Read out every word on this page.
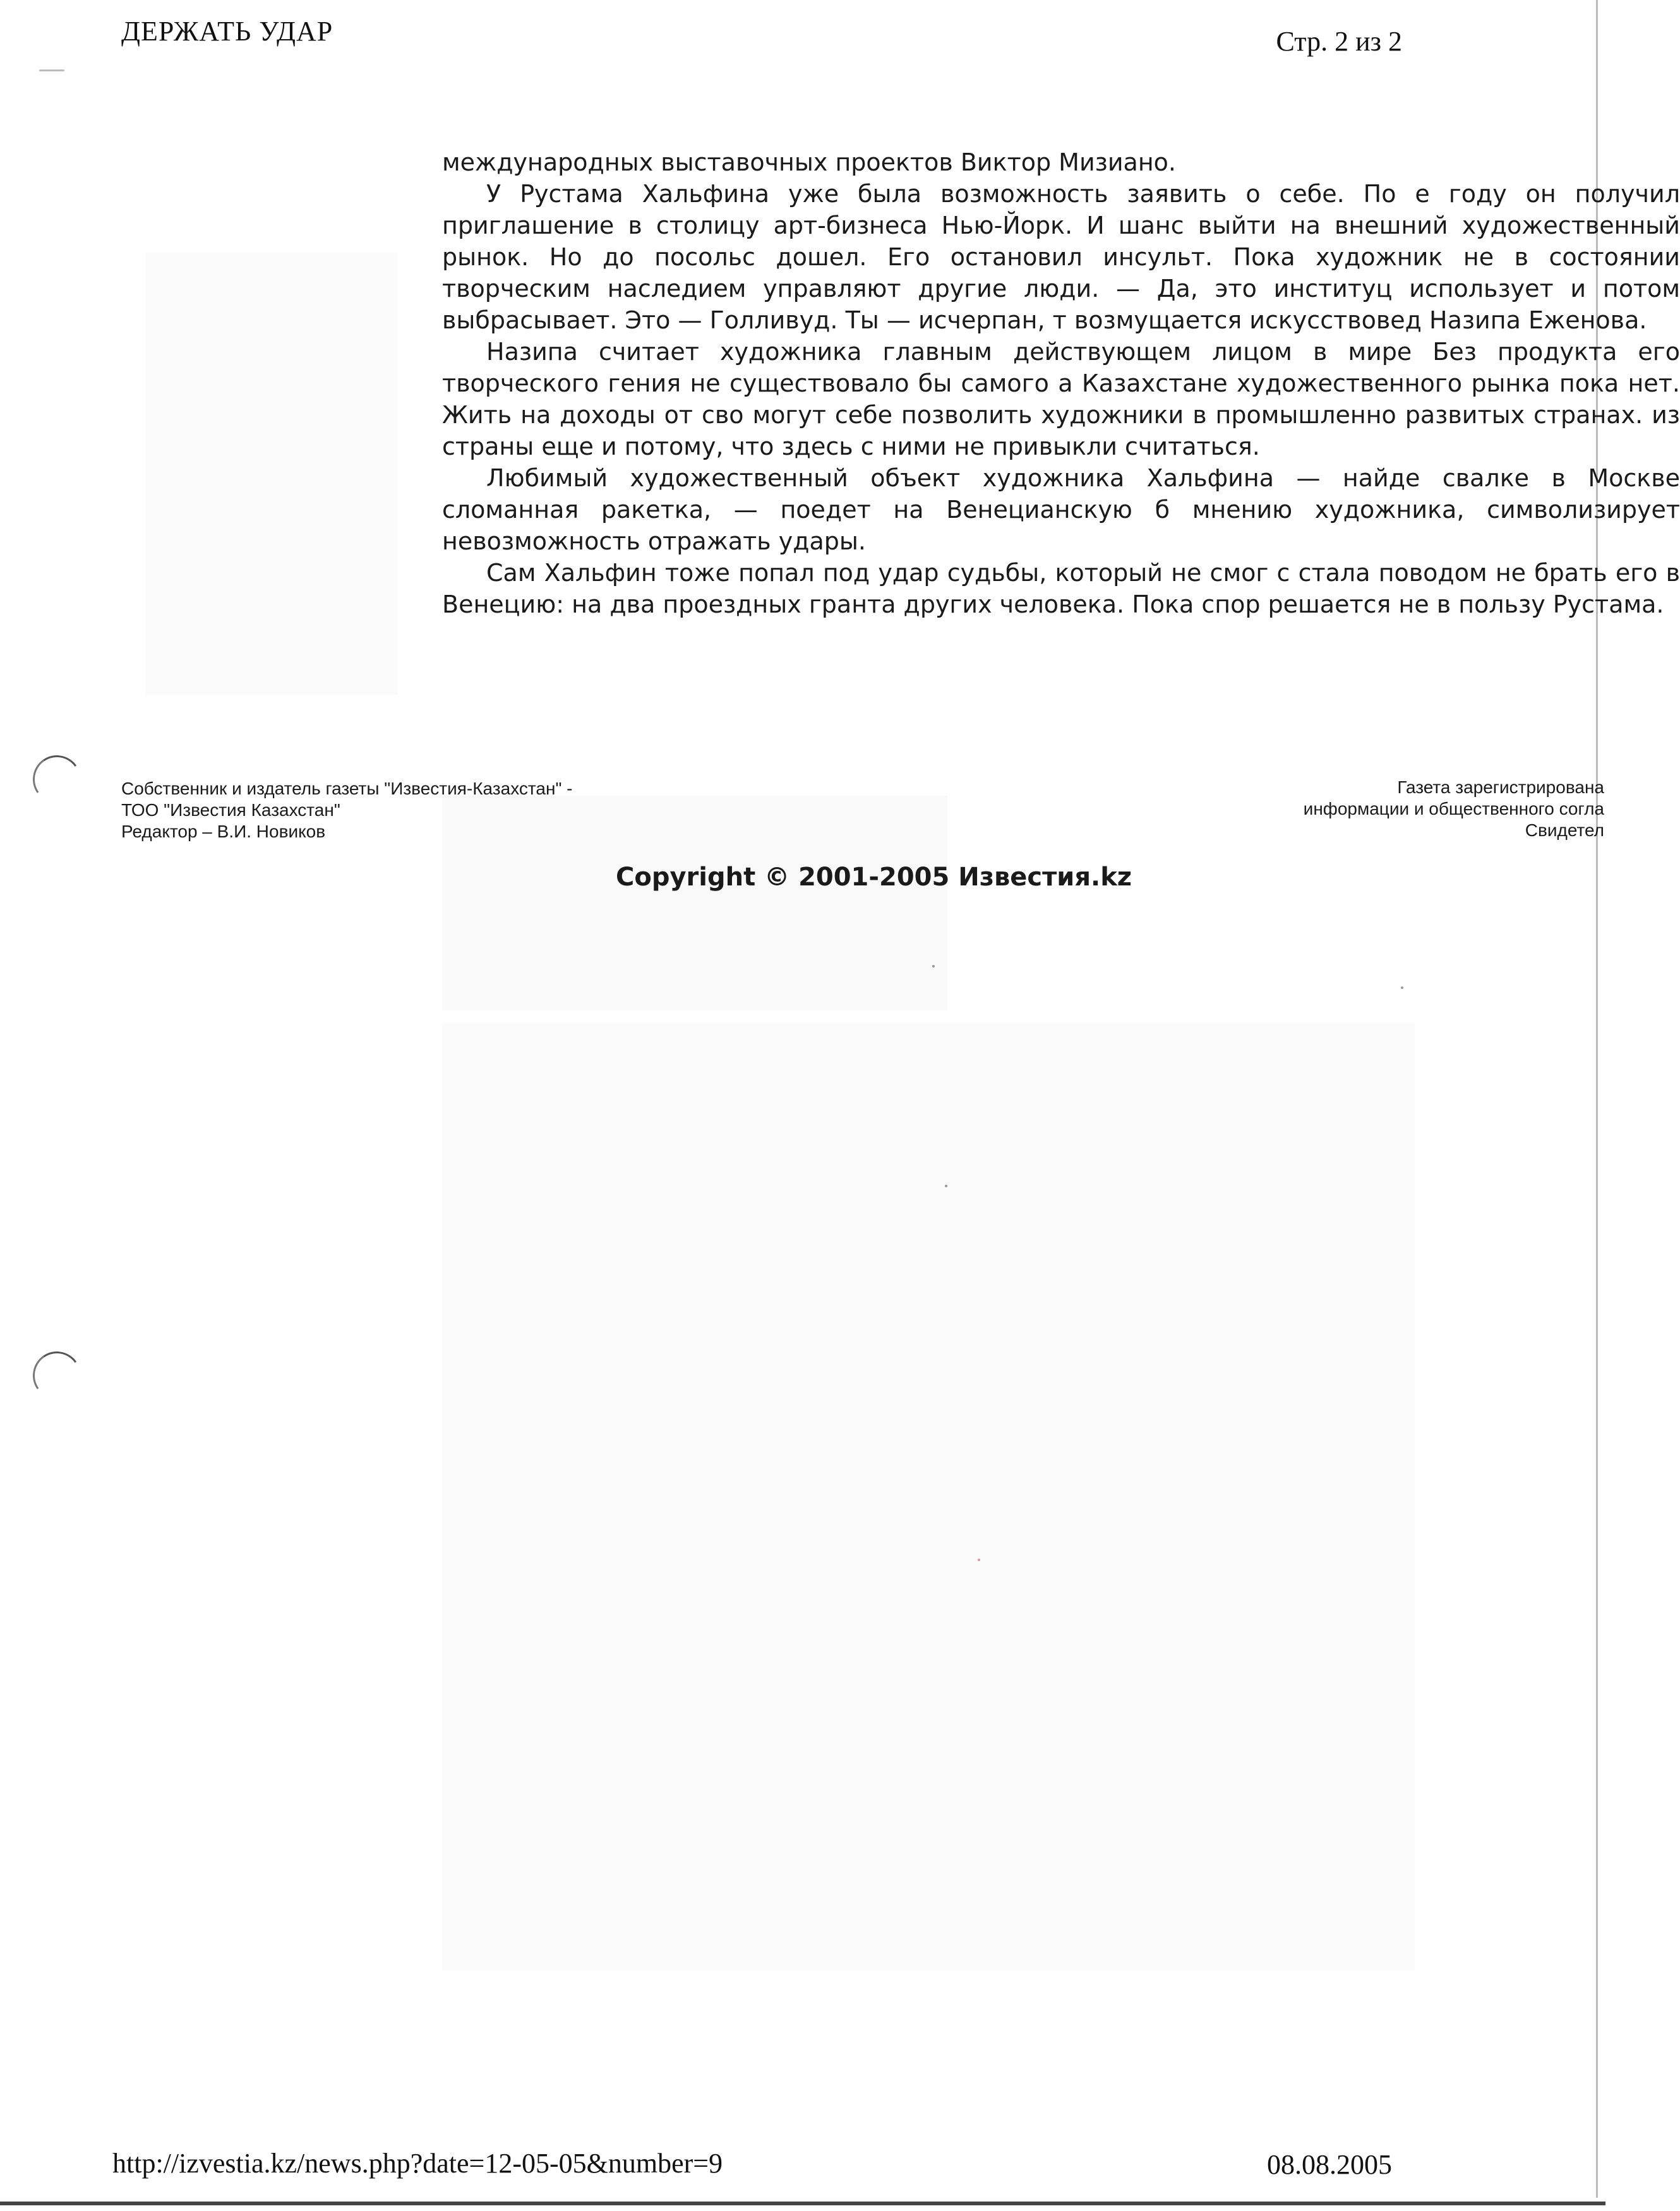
ДЕРЖАТЬ УДАР	Стр. 2 из 2

международных выставочных проектов Виктор Мизиано.

У Рустама Хальфина уже была возможность заявить о себе. По е году он получил приглашение в столицу арт-бизнеса Нью-Йорк. И шанс выйти на внешний художественный рынок. Но до посольс дошел. Его остановил инсульт. Пока художник не в состоянии творческим наследием управляют другие люди. — Да, это институц использует и потом выбрасывает. Это — Голливуд. Ты — исчерпан, т возмущается искусствовед Назипа Еженова.

Назипа считает художника главным действующем лицом в мире Без продукта его творческого гения не существовало бы самого а Казахстане художественного рынка пока нет. Жить на доходы от сво могут себе позволить художники в промышленно развитых странах. из страны еще и потому, что здесь с ними не привыкли считаться.

Любимый художественный объект художника Хальфина — найде свалке в Москве сломанная ракетка, — поедет на Венецианскую б мнению художника, символизирует невозможность отражать удары.

Сам Хальфин тоже попал под удар судьбы, который не смог с стала поводом не брать его в Венецию: на два проездных гранта других человека. Пока спор решается не в пользу Рустама.

Собственник и издатель газеты "Известия-Казахстан" -
ТОО "Известия Казахстан"
Редактор – В.И. Новиков
Газета зарегистрирована
информации и общественного согла
Свидетел
Copyright © 2001-2005 Известия.kz
http://izvestia.kz/news.php?date=12-05-05&number=9	08.08.2005
